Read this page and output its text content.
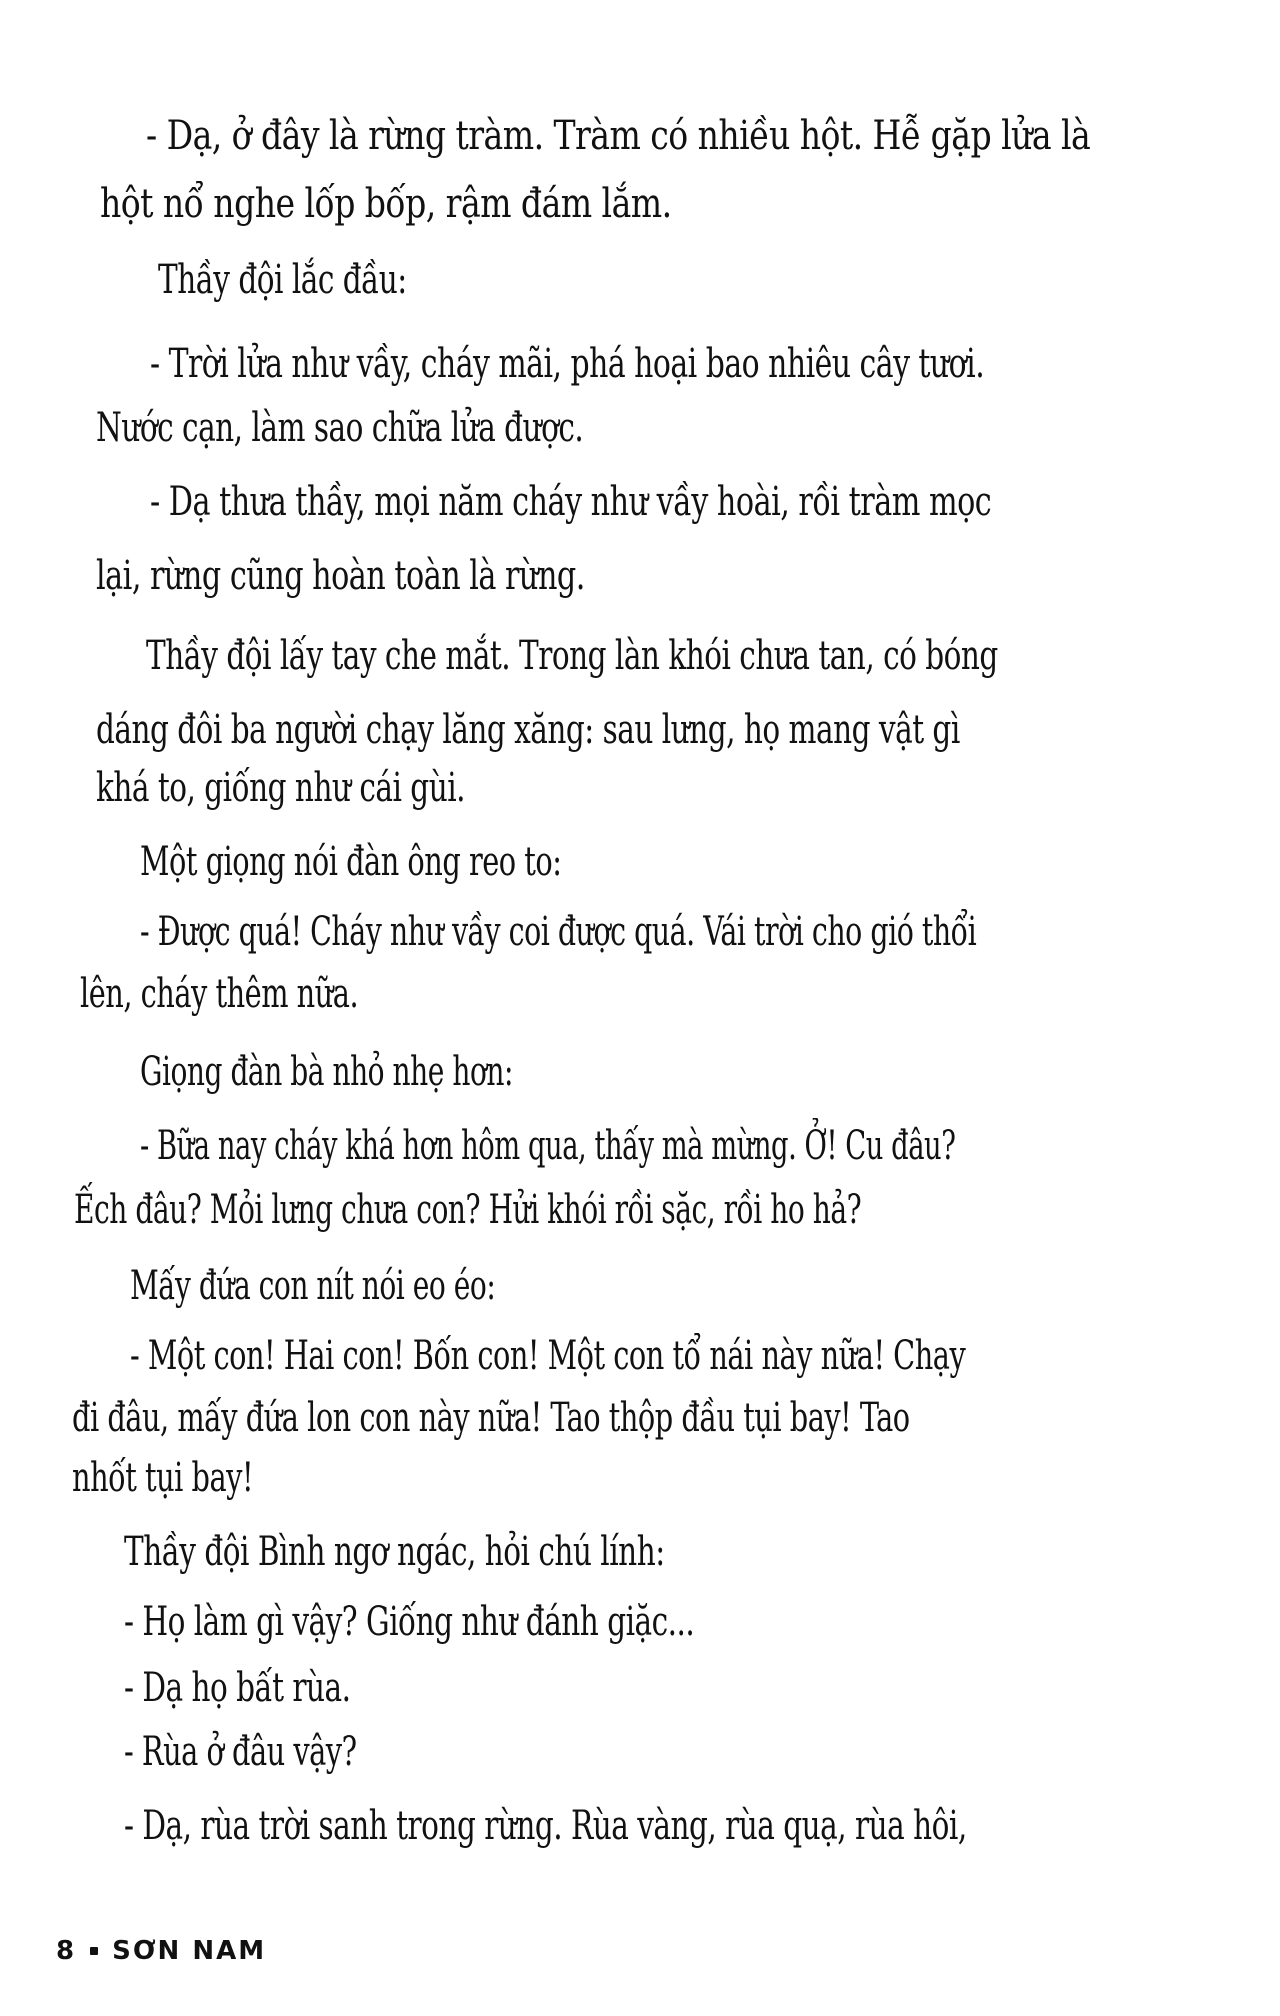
- Dạ, ở đây là rừng tràm. Tràm có nhiều hột. Hễ gặp lửa là
hột nổ nghe lốp bốp, rậm đám lắm.
Thầy đội lắc đầu:
- Trời lửa như vầy, cháy mãi, phá hoại bao nhiêu cây tươi.
Nước cạn, làm sao chữa lửa được.
- Dạ thưa thầy, mọi năm cháy như vầy hoài, rồi tràm mọc
lại, rừng cũng hoàn toàn là rừng.
Thầy đội lấy tay che mắt. Trong làn khói chưa tan, có bóng
dáng đôi ba người chạy lăng xăng: sau lưng, họ mang vật gì
khá to, giống như cái gùi.
Một giọng nói đàn ông reo to:
- Được quá! Cháy như vầy coi được quá. Vái trời cho gió thổi
lên, cháy thêm nữa.
Giọng đàn bà nhỏ nhẹ hơn:
- Bữa nay cháy khá hơn hôm qua, thấy mà mừng. Ở! Cu đâu?
Ếch đâu? Mỏi lưng chưa con? Hửi khói rồi sặc, rồi ho hả?
Mấy đứa con nít nói eo éo:
- Một con! Hai con! Bốn con! Một con tổ nái này nữa! Chạy
đi đâu, mấy đứa lon con này nữa! Tao thộp đầu tụi bay! Tao
nhốt tụi bay!
Thầy đội Bình ngơ ngác, hỏi chú lính:
- Họ làm gì vậy? Giống như đánh giặc...
- Dạ họ bất rùa.
- Rùa ở đâu vậy?
- Dạ, rùa trời sanh trong rừng. Rùa vàng, rùa quạ, rùa hôi,
8 SƠN NAM
